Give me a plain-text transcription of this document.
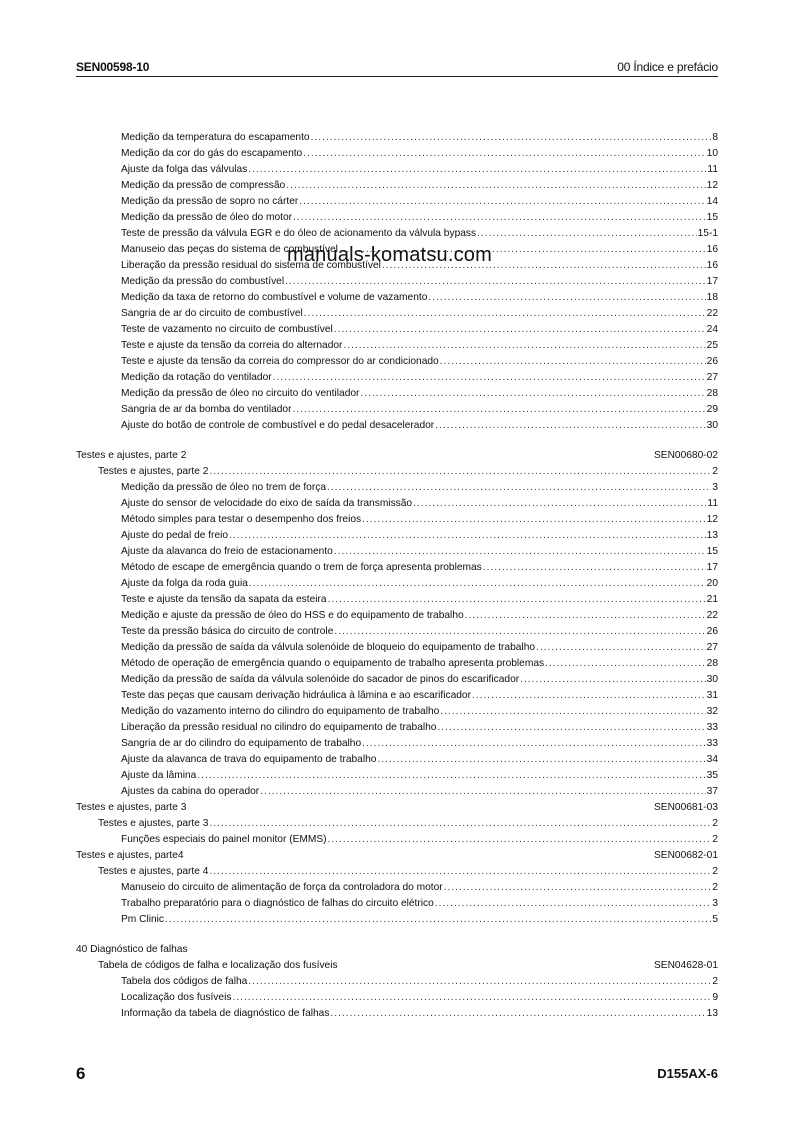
SEN00598-10	00 Índice e prefácio
Medição da temperatura do escapamento .....	8
Medição da cor do gás do escapamento .....	10
Ajuste da folga das válvulas .....	11
Medição da pressão de compressão .....	12
Medição da pressão de sopro no cárter .....	14
Medição da pressão de óleo do motor .....	15
Teste de pressão da válvula EGR e do óleo de acionamento da válvula bypass .....	15-1
Manuseio das peças do sistema de combustível .....	16
Liberação da pressão residual do sistema de combustível .....	16
Medição da pressão do combustível .....	17
Medição da taxa de retorno do combustível e volume de vazamento .....	18
Sangria de ar do circuito de combustível .....	22
Teste de vazamento no circuito de combustível .....	24
Teste e ajuste da tensão da correia do alternador .....	25
Teste e ajuste da tensão da correia do compressor do ar condicionado .....	26
Medição da rotação do ventilador .....	27
Medição da pressão de óleo no circuito do ventilador .....	28
Sangria de ar da bomba do ventilador .....	29
Ajuste do botão de controle de combustível e do pedal desacelerador .....	30
Testes e ajustes, parte 2	SEN00680-02
Testes e ajustes, parte 2 .....	2
Medição da pressão de óleo no trem de força .....	3
Ajuste do sensor de velocidade do eixo de saída da transmissão .....	11
Método simples para testar o desempenho dos freios .....	12
Ajuste do pedal de freio .....	13
Ajuste da alavanca do freio de estacionamento .....	15
Método de escape de emergência quando o trem de força apresenta problemas .....	17
Ajuste da folga da roda guia .....	20
Teste e ajuste da tensão da sapata da esteira .....	21
Medição e ajuste da pressão de óleo do HSS e do equipamento de trabalho .....	22
Teste da pressão básica do circuito de controle .....	26
Medição da pressão de saída da válvula solenóide de bloqueio do equipamento de trabalho .....	27
Método de operação de emergência quando o equipamento de trabalho apresenta problemas .....	28
Medição da pressão de saída da válvula solenóide do sacador de pinos do escarificador .....	30
Teste das peças que causam derivação hidráulica à lâmina e ao escarificador .....	31
Medição do vazamento interno do cilindro do equipamento de trabalho .....	32
Liberação da pressão residual no cilindro do equipamento de trabalho .....	33
Sangria de ar do cilindro do equipamento de trabalho .....	33
Ajuste da alavanca de trava do equipamento de trabalho .....	34
Ajuste da lâmina .....	35
Ajustes da cabina do operador .....	37
Testes e ajustes, parte 3	SEN00681-03
Testes e ajustes, parte 3 .....	2
Funções especiais do painel monitor (EMMS) .....	2
Testes e ajustes, parte4	SEN00682-01
Testes e ajustes, parte 4 .....	2
Manuseio do circuito de alimentação de força da controladora do motor .....	2
Trabalho preparatório para o diagnóstico de falhas do circuito elétrico .....	3
Pm Clinic .....	5
40 Diagnóstico de falhas
Tabela de códigos de falha e localização dos fusíveis	SEN04628-01
Tabela dos códigos de falha .....	2
Localização dos fusíveis .....	9
Informação da tabela de diagnóstico de falhas .....	13
manuals-komatsu.com
6	D155AX-6
